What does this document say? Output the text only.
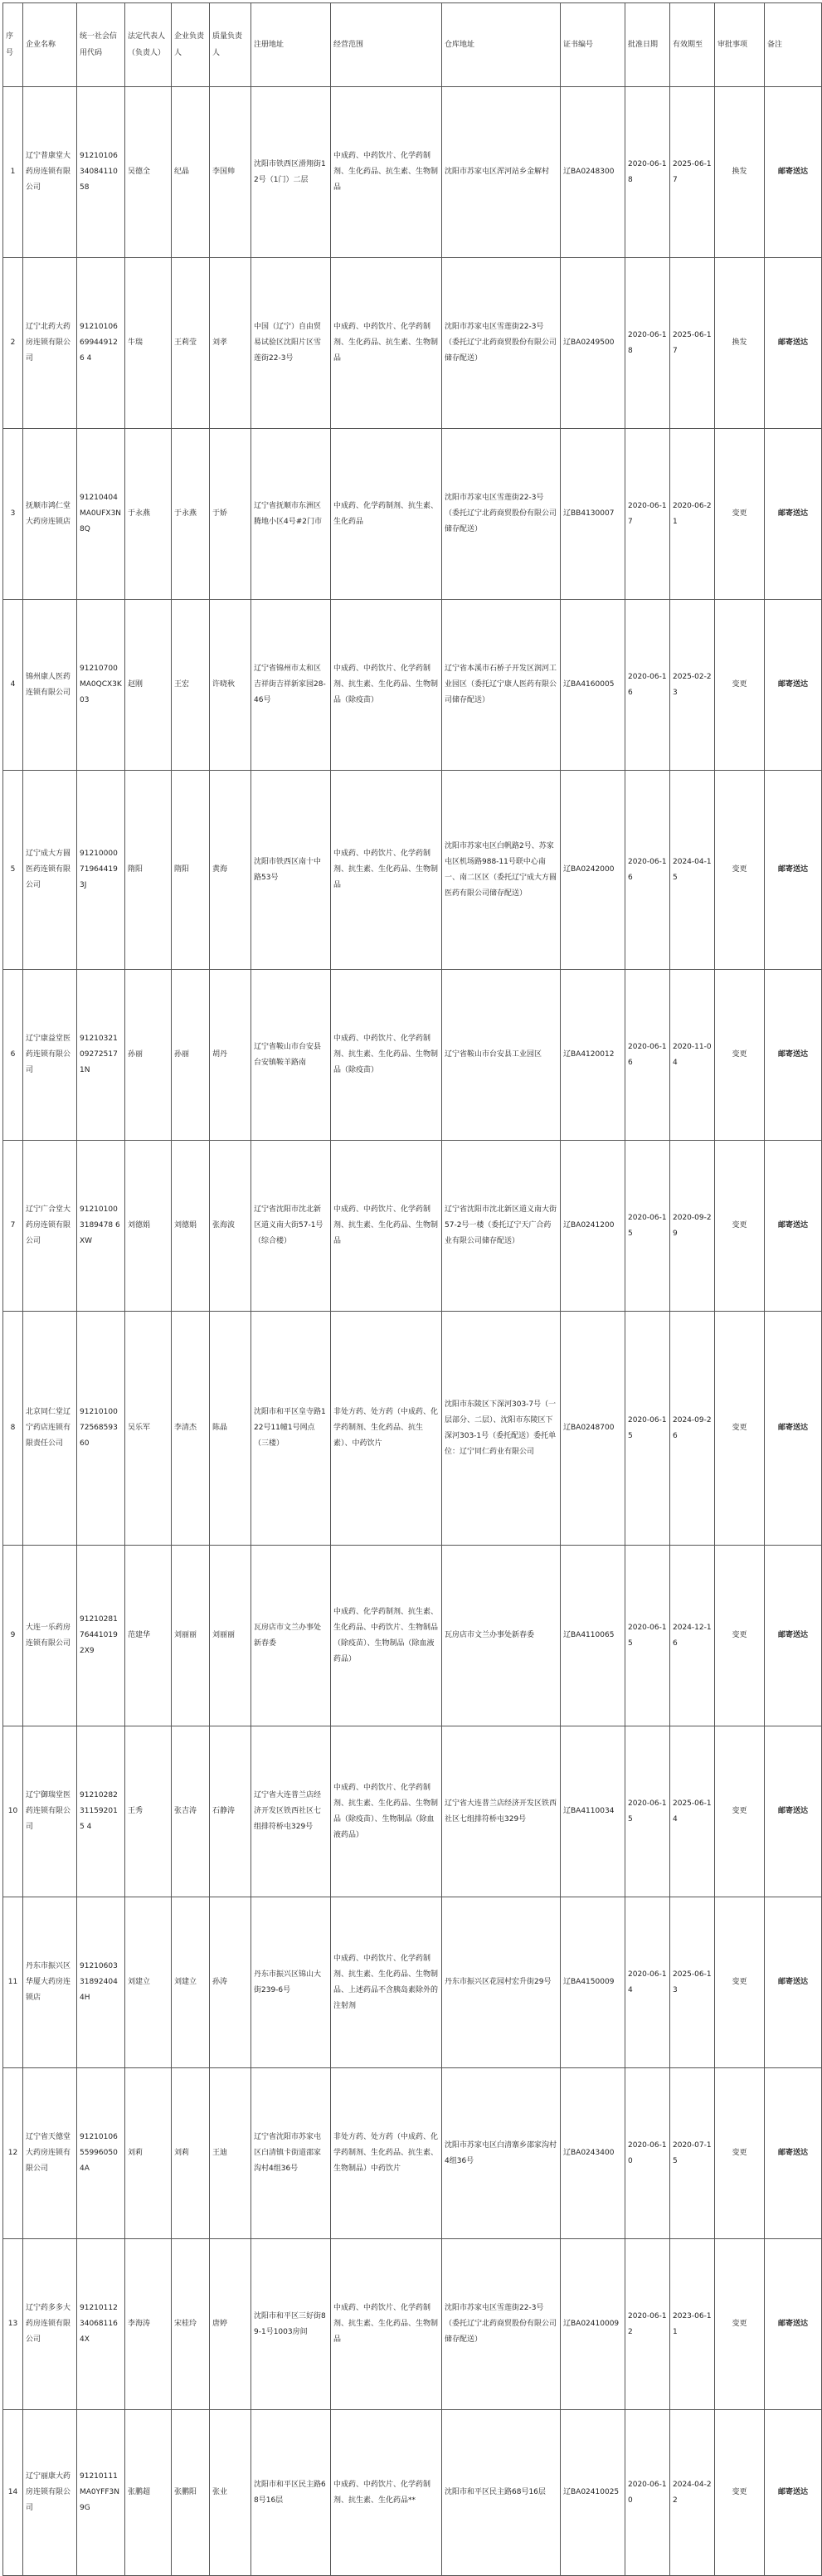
序号	企业名称	统一社会信用代码	法定代表人（负责人）	企业负责人	质量负责人	注册地址	经营范围	仓库地址	证书编号	批准日期	有效期至	审批事项	备注
1	辽宁普康堂大药房连锁有限公司	912101063408411058	吴德全	纪晶	李国帅	沈阳市铁西区滑翔街12号（1门）二层	中成药、中药饮片、化学药制剂、生化药品、抗生素、生物制品	沈阳市苏家屯区浑河站乡金解村	辽BA0248300	2020-06-18	2025-06-17	换发	邮寄送达
2	辽宁北药大药房连锁有限公司	91210106699449126 4	牛瑞	王莉莹	刘孝	中国（辽宁）自由贸易试验区沈阳片区雪莲街22-3号	中成药、中药饮片、化学药制剂、生化药品、抗生素、生物制品	沈阳市苏家屯区雪莲街22-3号（委托辽宁北药商贸股份有限公司储存配送）	辽BA0249500	2020-06-18	2025-06-17	换发	邮寄送达
3	抚顺市鸿仁堂大药房连锁店	91210404MA0UFX3N8Q	于永燕	于永燕	于娇	辽宁省抚顺市东洲区腾地小区4号#2门市	中成药、化学药制剂、抗生素、生化药品	沈阳市苏家屯区雪莲街22-3号（委托辽宁北药商贸股份有限公司储存配送）	辽BB4130007	2020-06-17	2020-06-21	变更	邮寄送达
4	锦州康人医药连锁有限公司	91210700MA0QCX3K03	赵刚	王宏	许晓秋	辽宁省锦州市太和区吉祥街吉祥新家园28-46号	中成药、中药饮片、化学药制剂、抗生素、生化药品、生物制品（除疫苗）	辽宁省本溪市石桥子开发区润河工业园区（委托辽宁康人医药有限公司储存配送）	辽BA4160005	2020-06-16	2025-02-23	变更	邮寄送达
5	辽宁成大方圆医药连锁有限公司	91210000719644193J	隋阳	隋阳	黄海	沈阳市铁西区南十中路53号	中成药、中药饮片、化学药制剂、抗生素、生化药品、生物制品	沈阳市苏家屯区白帆路2号、苏家屯区机场路988-11号联中心南一、南二区区（委托辽宁成大方圆医药有限公司储存配送）	辽BA0242000	2020-06-16	2024-04-15	变更	邮寄送达
6	辽宁康益堂医药连锁有限公司	9121032109272517 1N	孙丽	孙丽	胡丹	辽宁省鞍山市台安县台安镇鞍羊路南	中成药、中药饮片、化学药制剂、抗生素、生化药品、生物制品（除疫苗）	辽宁省鞍山市台安县工业园区	辽BA4120012	2020-06-16	2020-11-04	变更	邮寄送达
7	辽宁广合堂大药房连锁有限公司	912101003189478 6XW	刘德娟	刘德娟	张海波	辽宁省沈阳市沈北新区道义南大街57-1号（综合楼）	中成药、中药饮片、化学药制剂、抗生素、生化药品、生物制品	辽宁省沈阳市沈北新区道义南大街57-2号一楼（委托辽宁天广合药业有限公司储存配送）	辽BA0241200	2020-06-15	2020-09-29	变更	邮寄送达
8	北京同仁堂辽宁药店连锁有限责任公司	912101007256859360	吴乐军	李清杰	陈晶	沈阳市和平区皇寺路122号11幢1号网点（三楼）	非处方药、处方药（中成药、化学药制剂、生化药品、抗生素）、中药饮片	沈阳市东陵区下深河303-7号（一层部分、二层）、沈阳市东陵区下深河303-1号（委托配送）委托单位：辽宁同仁药业有限公司	辽BA0248700	2020-06-15	2024-09-26	变更	邮寄送达
9	大连一乐药房连锁有限公司	91210281764410192X9	范建华	刘丽丽	刘丽丽	瓦房店市文兰办事处新春委	中成药、化学药制剂、抗生素、生化药品、中药饮片、生物制品（除疫苗）、生物制品（除血液药品）	瓦房店市文兰办事处新春委	辽BA4110065	2020-06-15	2024-12-16	变更	邮寄送达
10	辽宁御瑞堂医药连锁有限公司	91210282311592015 4	王秀	张吉涛	石静涛	辽宁省大连普兰店经济开发区铁西社区七组排符桥屯329号	中成药、中药饮片、化学药制剂、抗生素、生化药品、生物制品（除疫苗）、生物制品（除血液药品）	辽宁省大连普兰店经济开发区铁西社区七组排符桥屯329号	辽BA4110034	2020-06-15	2025-06-14	变更	邮寄送达
11	丹东市振兴区华厦大药房连锁店	9121060331892404 4H	刘建立	刘建立	孙涛	丹东市振兴区锦山大街239-6号	中成药、中药饮片、化学药制剂、抗生素、生化药品、生物制品、上述药品不含胰岛素除外的注射剂	丹东市振兴区花园村宏升街29号	辽BA4150009	2020-06-14	2025-06-13	变更	邮寄送达
12	辽宁省天德堂大药房连锁有限公司	91210106559960504A	刘莉	刘莉	王迪	辽宁省沈阳市苏家屯区白清镇卡街道邵家沟村4组36号	非处方药、处方药（中成药、化学药制剂、生化药品、抗生素、生物制品）中药饮片	沈阳市苏家屯区白清寨乡邵家沟村4组36号	辽BA0243400	2020-06-10	2020-07-15	变更	邮寄送达
13	辽宁药多多大药房连锁有限公司	9121011234068116 4X	李海涛	宋桂玲	唐婷	沈阳市和平区三好街89-1号1003房间	中成药、中药饮片、化学药制剂、抗生素、生化药品、生物制品	沈阳市苏家屯区雪莲街22-3号（委托辽宁北药商贸股份有限公司储存配送）	辽BA02410009	2020-06-12	2023-06-11	变更	邮寄送达
14	辽宁丽康大药房连锁有限公司	91210111MA0YFF3N9G	张鹏超	张鹏阳	张业	沈阳市和平区民主路68号16层	中成药、中药饮片、化学药制剂、抗生素、生化药品**	沈阳市和平区民主路68号16层	辽BA02410025	2020-06-10	2024-04-22	变更	邮寄送达
